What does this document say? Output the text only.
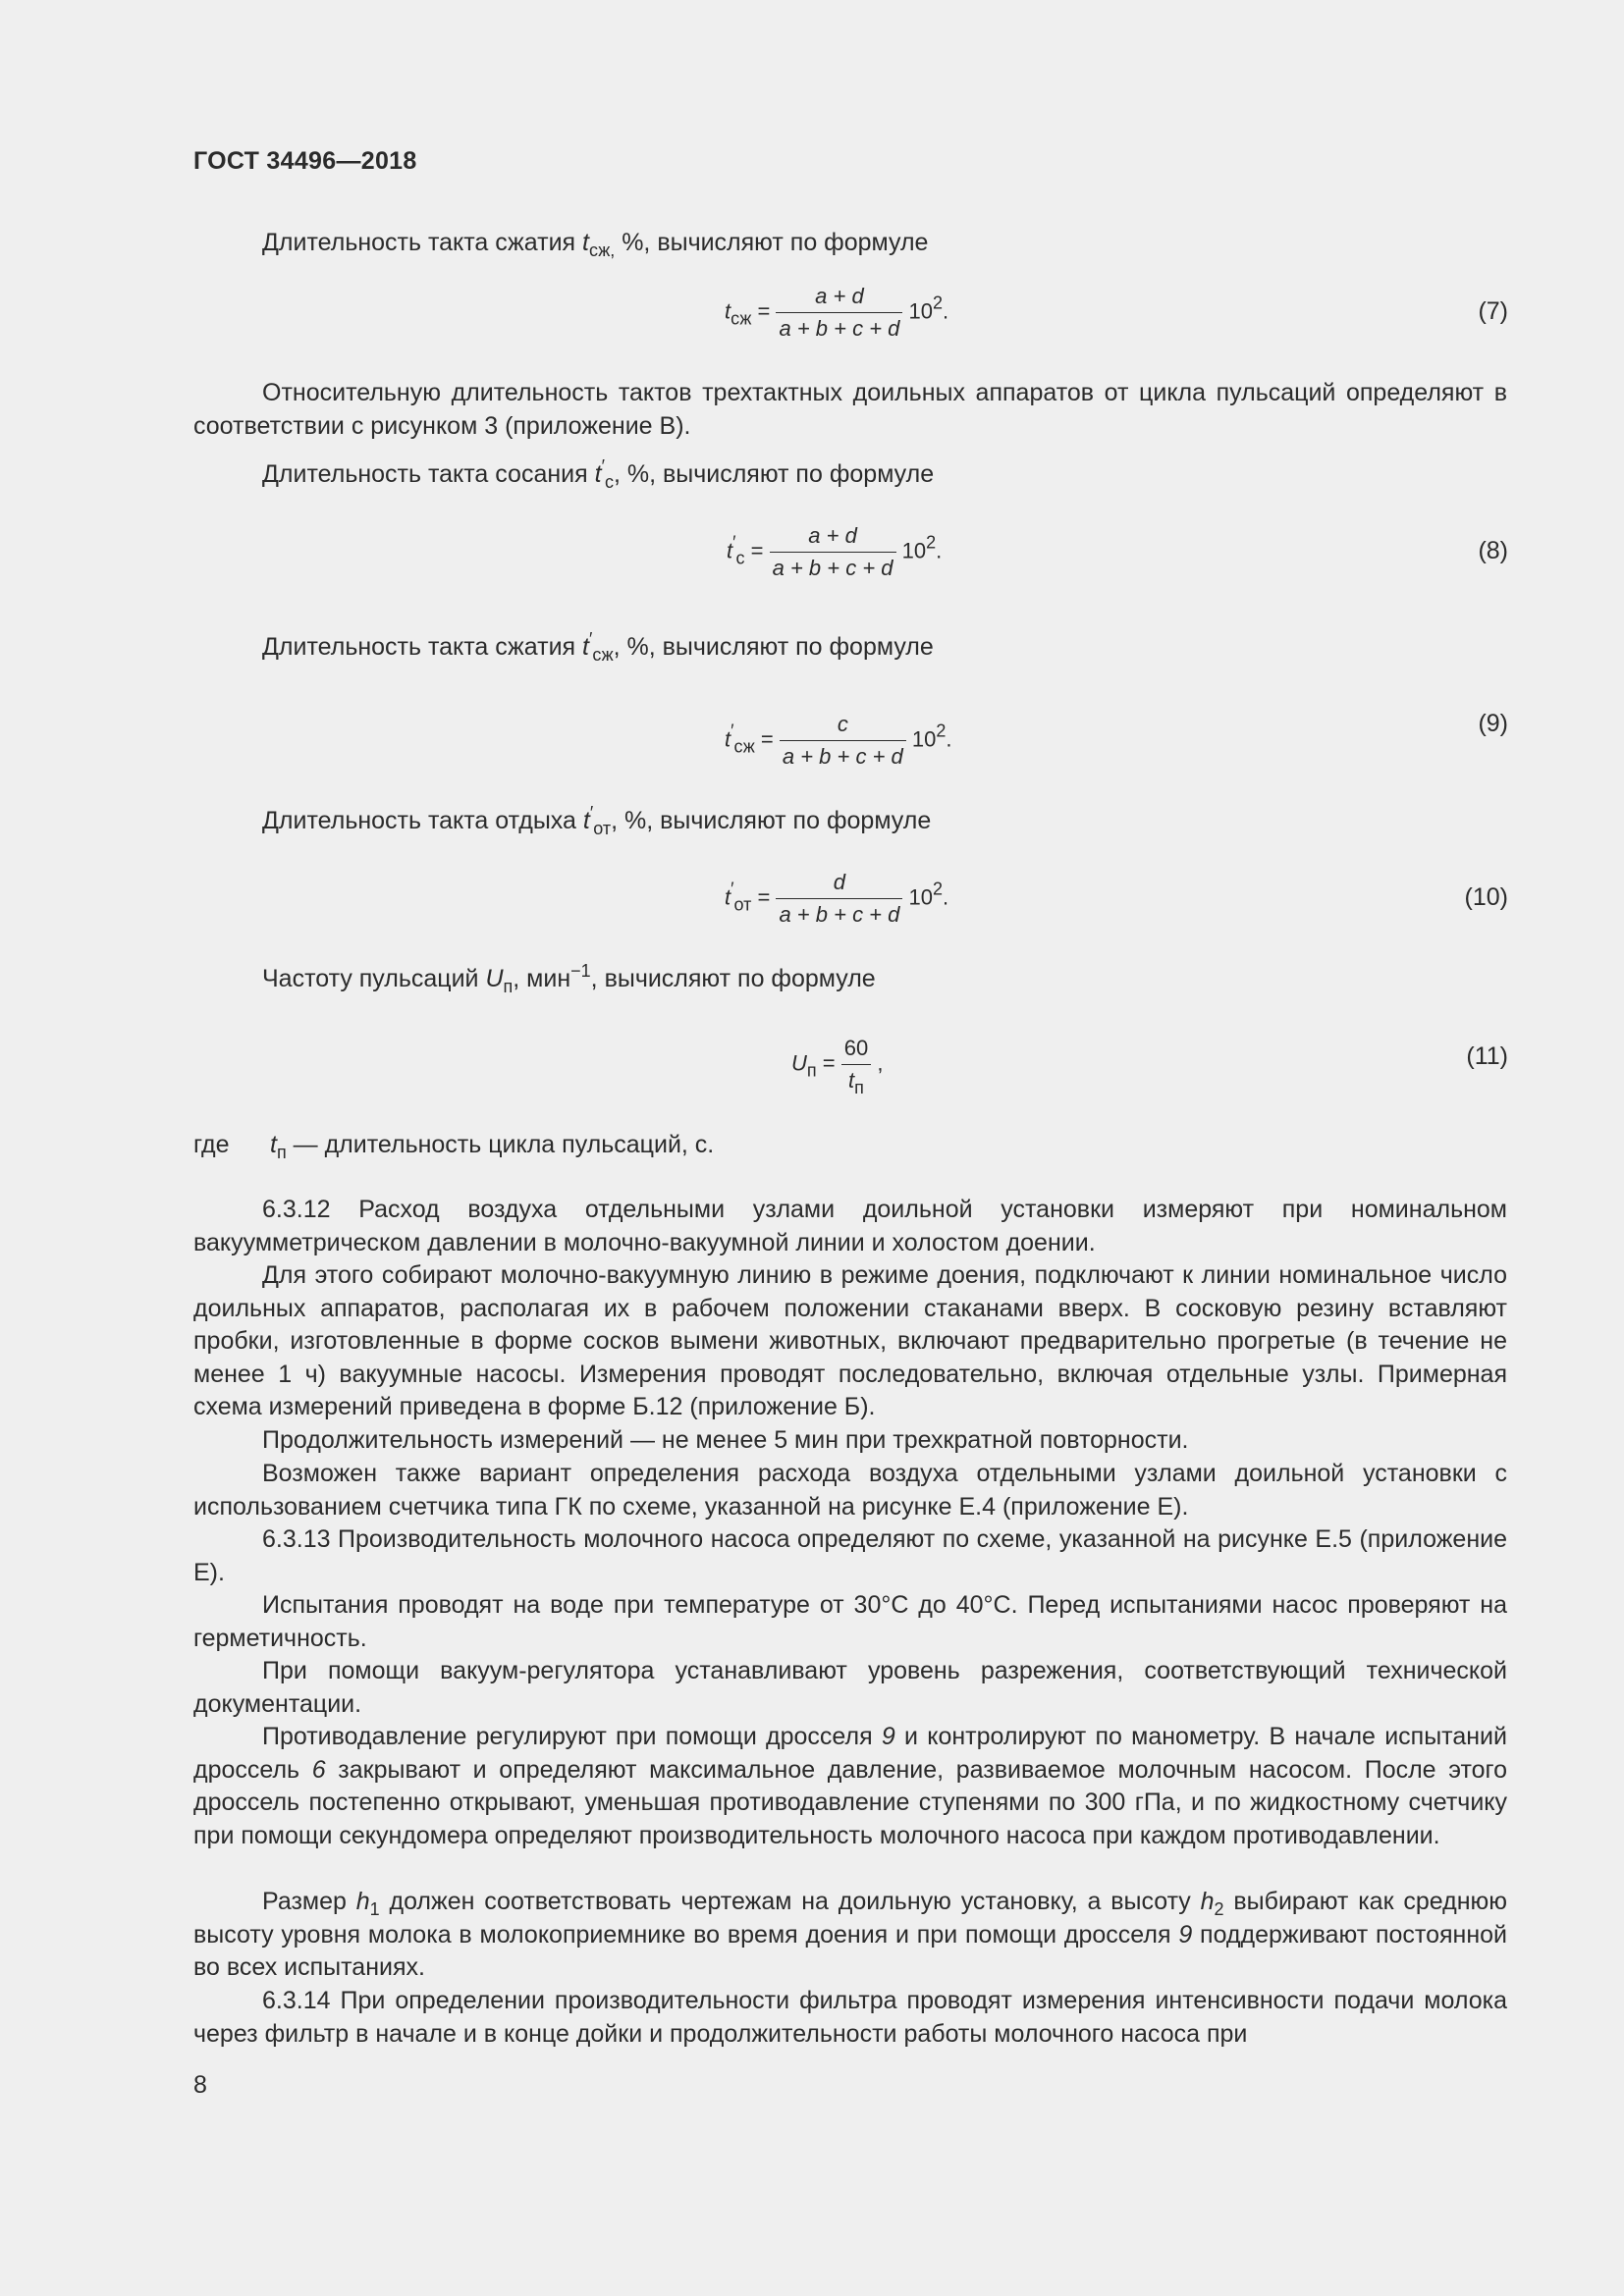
ГОСТ 34496—2018
Длительность такта сжатия $t_{сж,}$ %, вычисляют по формуле
$t_{сж} = \frac{a + d}{a + b + c + d} 10^2$.	(7)
Относительную длительность тактов трехтактных доильных аппаратов от цикла пульсаций определяют в соответствии с рисунком 3 (приложение В).
Длительность такта сосания $t'_с$, %, вычисляют по формуле
$t'_с = \frac{a + d}{a + b + c + d} 10^2$.	(8)
Длительность такта сжатия $t'_{сж}$, %, вычисляют по формуле
$t'_{сж} = \frac{c}{a + b + c + d} 10^2$.
(9)
Длительность такта отдыха $t'_{от}$, %, вычисляют по формуле
$t'_{от} = \frac{d}{a + b + c + d} 10^2$.	(10)
Частоту пульсаций $U_п$, мин$^{-1}$, вычисляют по формуле
$U_п = \frac{60}{t_п}$ ,	(11)
где $t_п$ — длительность цикла пульсаций, с.
6.3.12 Расход воздуха отдельными узлами доильной установки измеряют при номинальном вакуумметрическом давлении в молочно-вакуумной линии и холостом доении.
Для этого собирают молочно-вакуумную линию в режиме доения, подключают к линии номинальное число доильных аппаратов, располагая их в рабочем положении стаканами вверх. В сосковую резину вставляют пробки, изготовленные в форме сосков вымени животных, включают предварительно прогретые (в течение не менее 1 ч) вакуумные насосы. Измерения проводят последовательно, включая отдельные узлы. Примерная схема измерений приведена в форме Б.12 (приложение Б).
Продолжительность измерений — не менее 5 мин при трехкратной повторности.
Возможен также вариант определения расхода воздуха отдельными узлами доильной установки с использованием счетчика типа ГК по схеме, указанной на рисунке Е.4 (приложение Е).
6.3.13 Производительность молочного насоса определяют по схеме, указанной на рисунке Е.5 (приложение Е).
Испытания проводят на воде при температуре от 30°С до 40°С. Перед испытаниями насос проверяют на герметичность.
При помощи вакуум-регулятора устанавливают уровень разрежения, соответствующий технической документации.
Противодавление регулируют при помощи дросселя 9 и контролируют по манометру. В начале испытаний дроссель 6 закрывают и определяют максимальное давление, развиваемое молочным насосом. После этого дроссель постепенно открывают, уменьшая противодавление ступенями по 300 гПа, и по жидкостному счетчику при помощи секундомера определяют производительность молочного насоса при каждом противодавлении.
Размер $h_1$ должен соответствовать чертежам на доильную установку, а высоту $h_2$ выбирают как среднюю высоту уровня молока в молокоприемнике во время доения и при помощи дросселя 9 поддерживают постоянной во всех испытаниях.
6.3.14 При определении производительности фильтра проводят измерения интенсивности подачи молока через фильтр в начале и в конце дойки и продолжительности работы молочного насоса при
8
